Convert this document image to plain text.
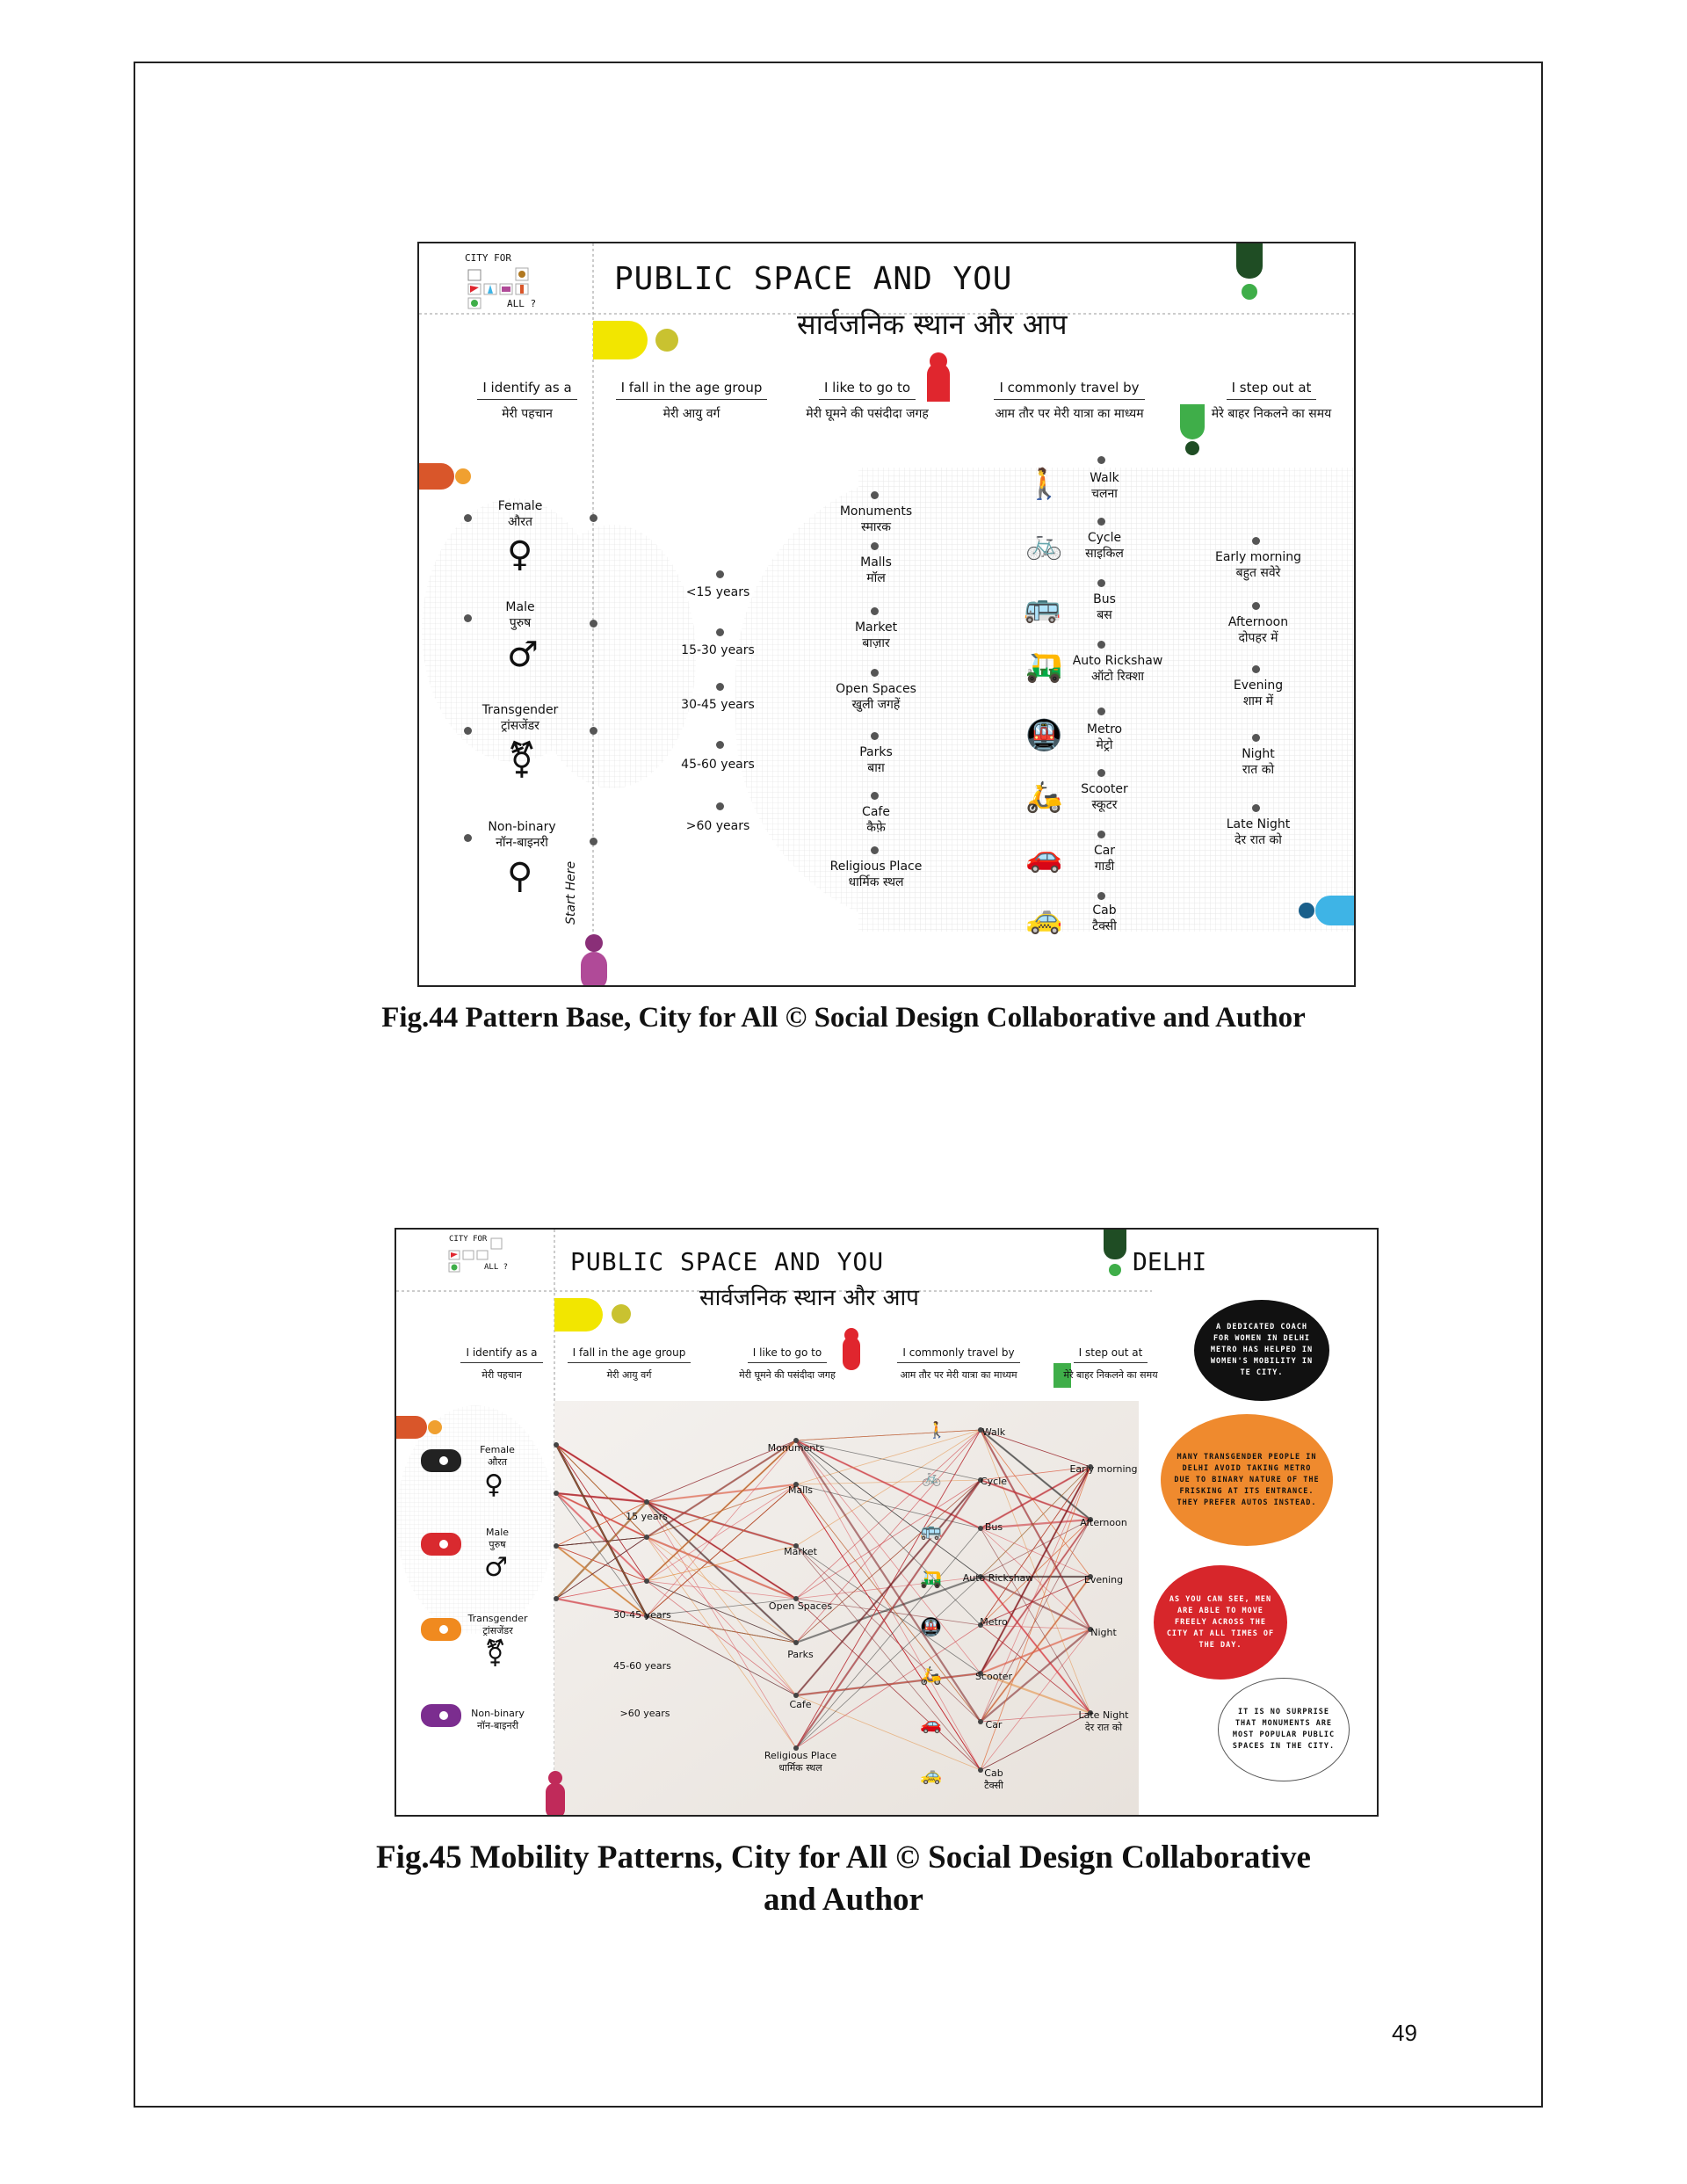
CITY FOR
ALL ?
PUBLIC SPACE AND YOU
सार्वजनिक स्थान और आप
I identify as a
मेरी पहचान
I fall in the age group
मेरी आयु वर्ग
I like to go to
मेरी घूमने की पसंदीदा जगह
I commonly travel by
आम तौर पर मेरी यात्रा का माध्यम
I step out at
मेरे बाहर निकलने का समय
Female
औरत
♀
Male
पुरुष
♂
Transgender
ट्रांसजेंडर
⚧
Non-binary
नॉन-बाइनरी
⚲	Start Here
<15 years
15-30 years
30-45 years
45-60 years
>60 years
Monuments
स्मारक
Malls
मॉल
Market
बाज़ार
Open Spaces
खुली जगहें
Parks
बाग़
Cafe
कैफ़े
Religious Place
धार्मिक स्थल
🚶	Walk
चलना
🚲	Cycle
साइकिल
🚌	Bus
बस
🛺 Auto Rickshaw
ऑटो रिक्शा
🚇	Metro
मेट्रो
🛵	Scooter
स्कूटर
🚗	Car
गाडी
🚕	Cab
टैक्सी
Early morning
बहुत सवेरे
Afternoon
दोपहर में
Evening
शाम में
Night
रात को
Late Night
देर रात को
Fig.44 Pattern Base, City for All © Social Design Collaborative and Author
CITY FOR
ALL ?	PUBLIC SPACE AND YOU
सार्वजनिक स्थान और आप
DELHI
I identify as a
मेरी पहचान
I fall in the age group
मेरी आयु वर्ग
I like to go to
मेरी घूमने की पसंदीदा जगह
I commonly travel by
आम तौर पर मेरी यात्रा का माध्यम
I step out at
मेरे बाहर निकलने का समय
Female
औरत
♀
Male
पुरुष
♂
Transgender
ट्रांसजेंडर
⚧
Non-binary
नॉन-बाइनरी
15 years
30-45 years
45-60 years
>60 years
Monuments
Malls
Market
Open Spaces
Parks
Cafe
Religious Place
धार्मिक स्थल
Walk
Cycle
Bus
Auto Rickshaw
Metro
Scooter
Car
Cab
टैक्सी
🚶
🚲
🚌
🛺
🚇
🛵
🚗
🚕
Early morning
Afternoon
Evening
Night
Late Night
देर रात को
A DEDICATED COACH FOR WOMEN IN DELHI METRO HAS HELPED IN WOMEN'S MOBILITY IN TE CITY.
MANY TRANSGENDER PEOPLE IN DELHI AVOID TAKING METRO DUE TO BINARY NATURE OF THE FRISKING AT ITS ENTRANCE. THEY PREFER AUTOS INSTEAD.
AS YOU CAN SEE, MEN ARE ABLE TO MOVE FREELY ACROSS THE CITY AT ALL TIMES OF THE DAY.
IT IS NO SURPRISE THAT MONUMENTS ARE MOST POPULAR PUBLIC SPACES IN THE CITY.
Fig.45 Mobility Patterns, City for All © Social Design Collaborative
and Author
49
